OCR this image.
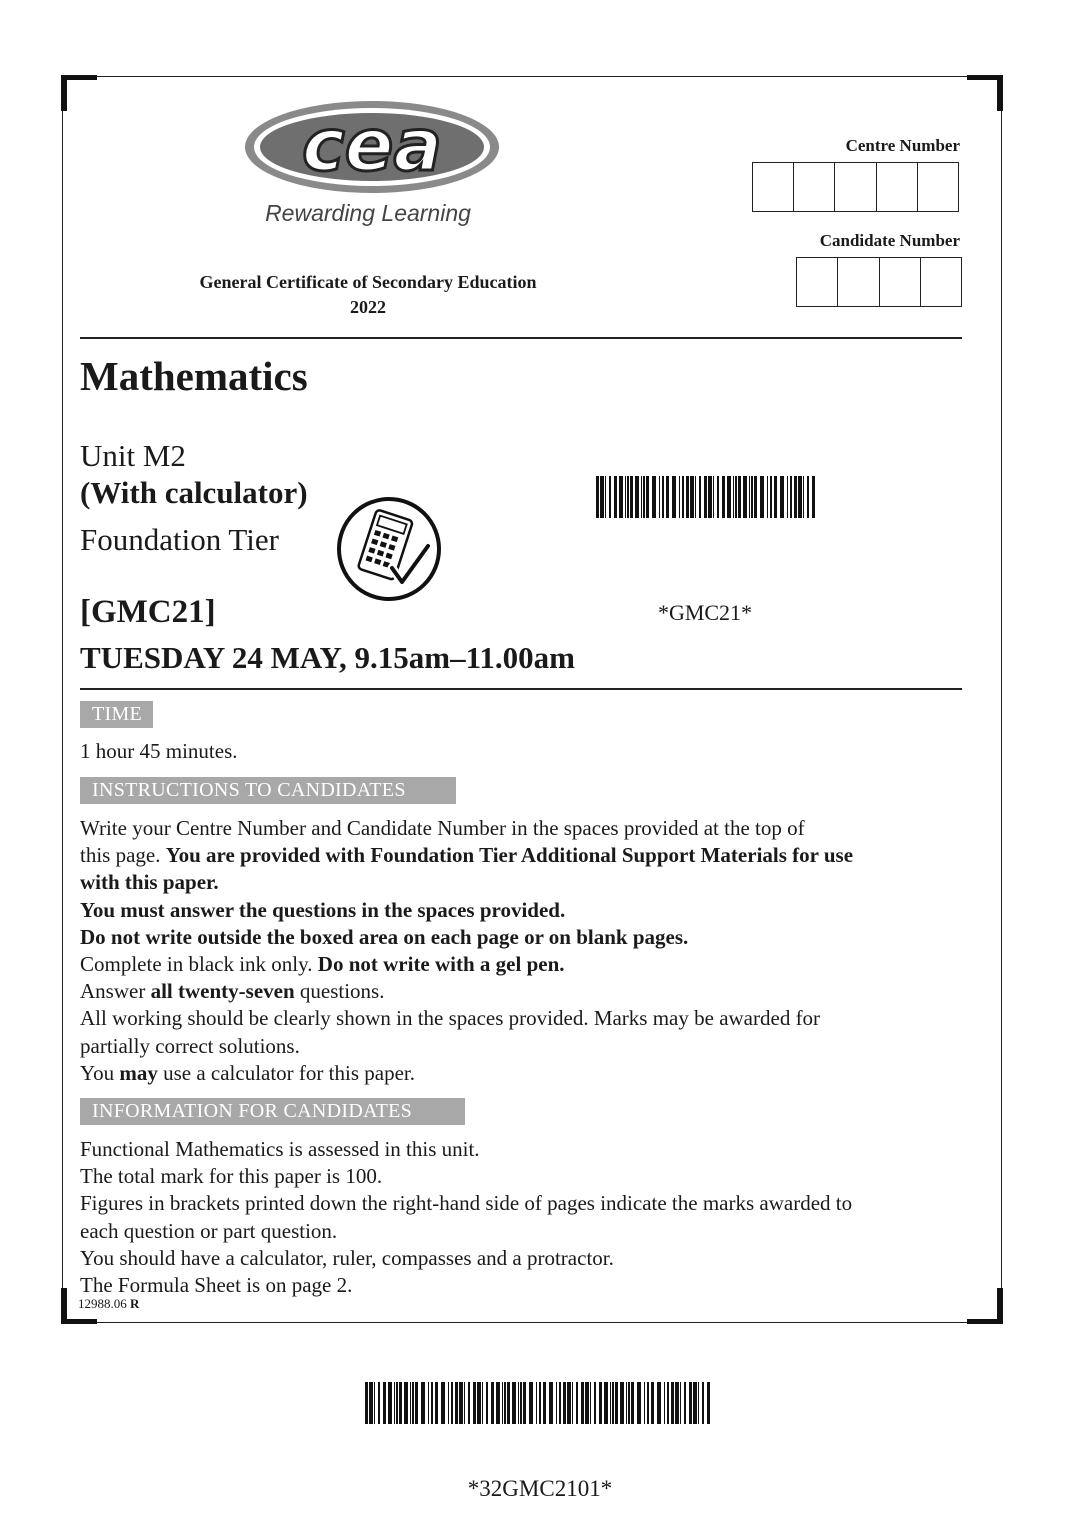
cea
Rewarding Learning
General Certificate of Secondary Education
2022
Centre Number
Candidate Number
Mathematics
Unit M2
(With calculator)
Foundation Tier
*GMC21*
[GMC21]
TUESDAY 24 MAY, 9.15am–11.00am
TIME
1 hour 45 minutes.
INSTRUCTIONS TO CANDIDATES

Write your Centre Number and Candidate Number in the spaces provided at the top of

this page. You are provided with Foundation Tier Additional Support Materials for use

with this paper.

You must answer the questions in the spaces provided.

Do not write outside the boxed area on each page or on blank pages.

Complete in black ink only. Do not write with a gel pen.

Answer all twenty-seven questions.

All working should be clearly shown in the spaces provided. Marks may be awarded for

partially correct solutions.

You may use a calculator for this paper.

INFORMATION FOR CANDIDATES

Functional Mathematics is assessed in this unit.

The total mark for this paper is 100.

Figures in brackets printed down the right-hand side of pages indicate the marks awarded to

each question or part question.

You should have a calculator, ruler, compasses and a protractor.

The Formula Sheet is on page 2.

12988.06 R
*32GMC2101*
